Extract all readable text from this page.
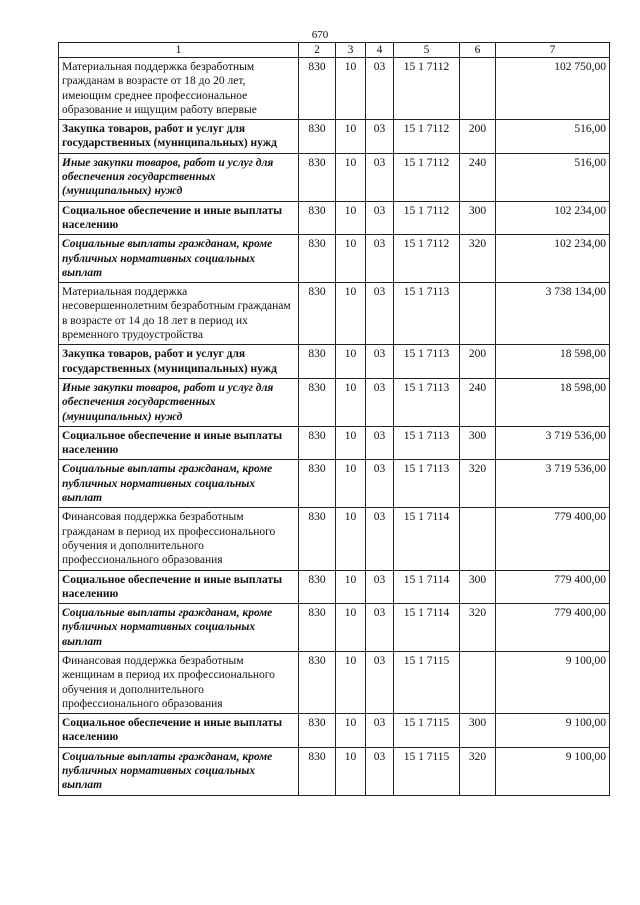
670
1	2	3	4	5	6	7
Материальная поддержка безработным гражданам в возрасте от 18 до 20 лет, имеющим среднее профессиональное образование и ищущим работу впервые	830	10	03	15 1 7112		102 750,00
Закупка товаров, работ и услуг для государственных (муниципальных) нужд	830	10	03	15 1 7112	200	516,00
Иные закупки товаров, работ и услуг для обеспечения государственных (муниципальных) нужд	830	10	03	15 1 7112	240	516,00
Социальное обеспечение и иные выплаты населению	830	10	03	15 1 7112	300	102 234,00
Социальные выплаты гражданам, кроме публичных нормативных социальных выплат	830	10	03	15 1 7112	320	102 234,00
Материальная поддержка несовершеннолетним безработным гражданам в возрасте от 14 до 18 лет в период их временного трудоустройства	830	10	03	15 1 7113		3 738 134,00
Закупка товаров, работ и услуг для государственных (муниципальных) нужд	830	10	03	15 1 7113	200	18 598,00
Иные закупки товаров, работ и услуг для обеспечения государственных (муниципальных) нужд	830	10	03	15 1 7113	240	18 598,00
Социальное обеспечение и иные выплаты населению	830	10	03	15 1 7113	300	3 719 536,00
Социальные выплаты гражданам, кроме публичных нормативных социальных выплат	830	10	03	15 1 7113	320	3 719 536,00
Финансовая поддержка безработным гражданам в период их профессионального обучения и дополнительного профессионального образования	830	10	03	15 1 7114		779 400,00
Социальное обеспечение и иные выплаты населению	830	10	03	15 1 7114	300	779 400,00
Социальные выплаты гражданам, кроме публичных нормативных социальных выплат	830	10	03	15 1 7114	320	779 400,00
Финансовая поддержка безработным женщинам в период их профессионального обучения и дополнительного профессионального образования	830	10	03	15 1 7115		9 100,00
Социальное обеспечение и иные выплаты населению	830	10	03	15 1 7115	300	9 100,00
Социальные выплаты гражданам, кроме публичных нормативных социальных выплат	830	10	03	15 1 7115	320	9 100,00
